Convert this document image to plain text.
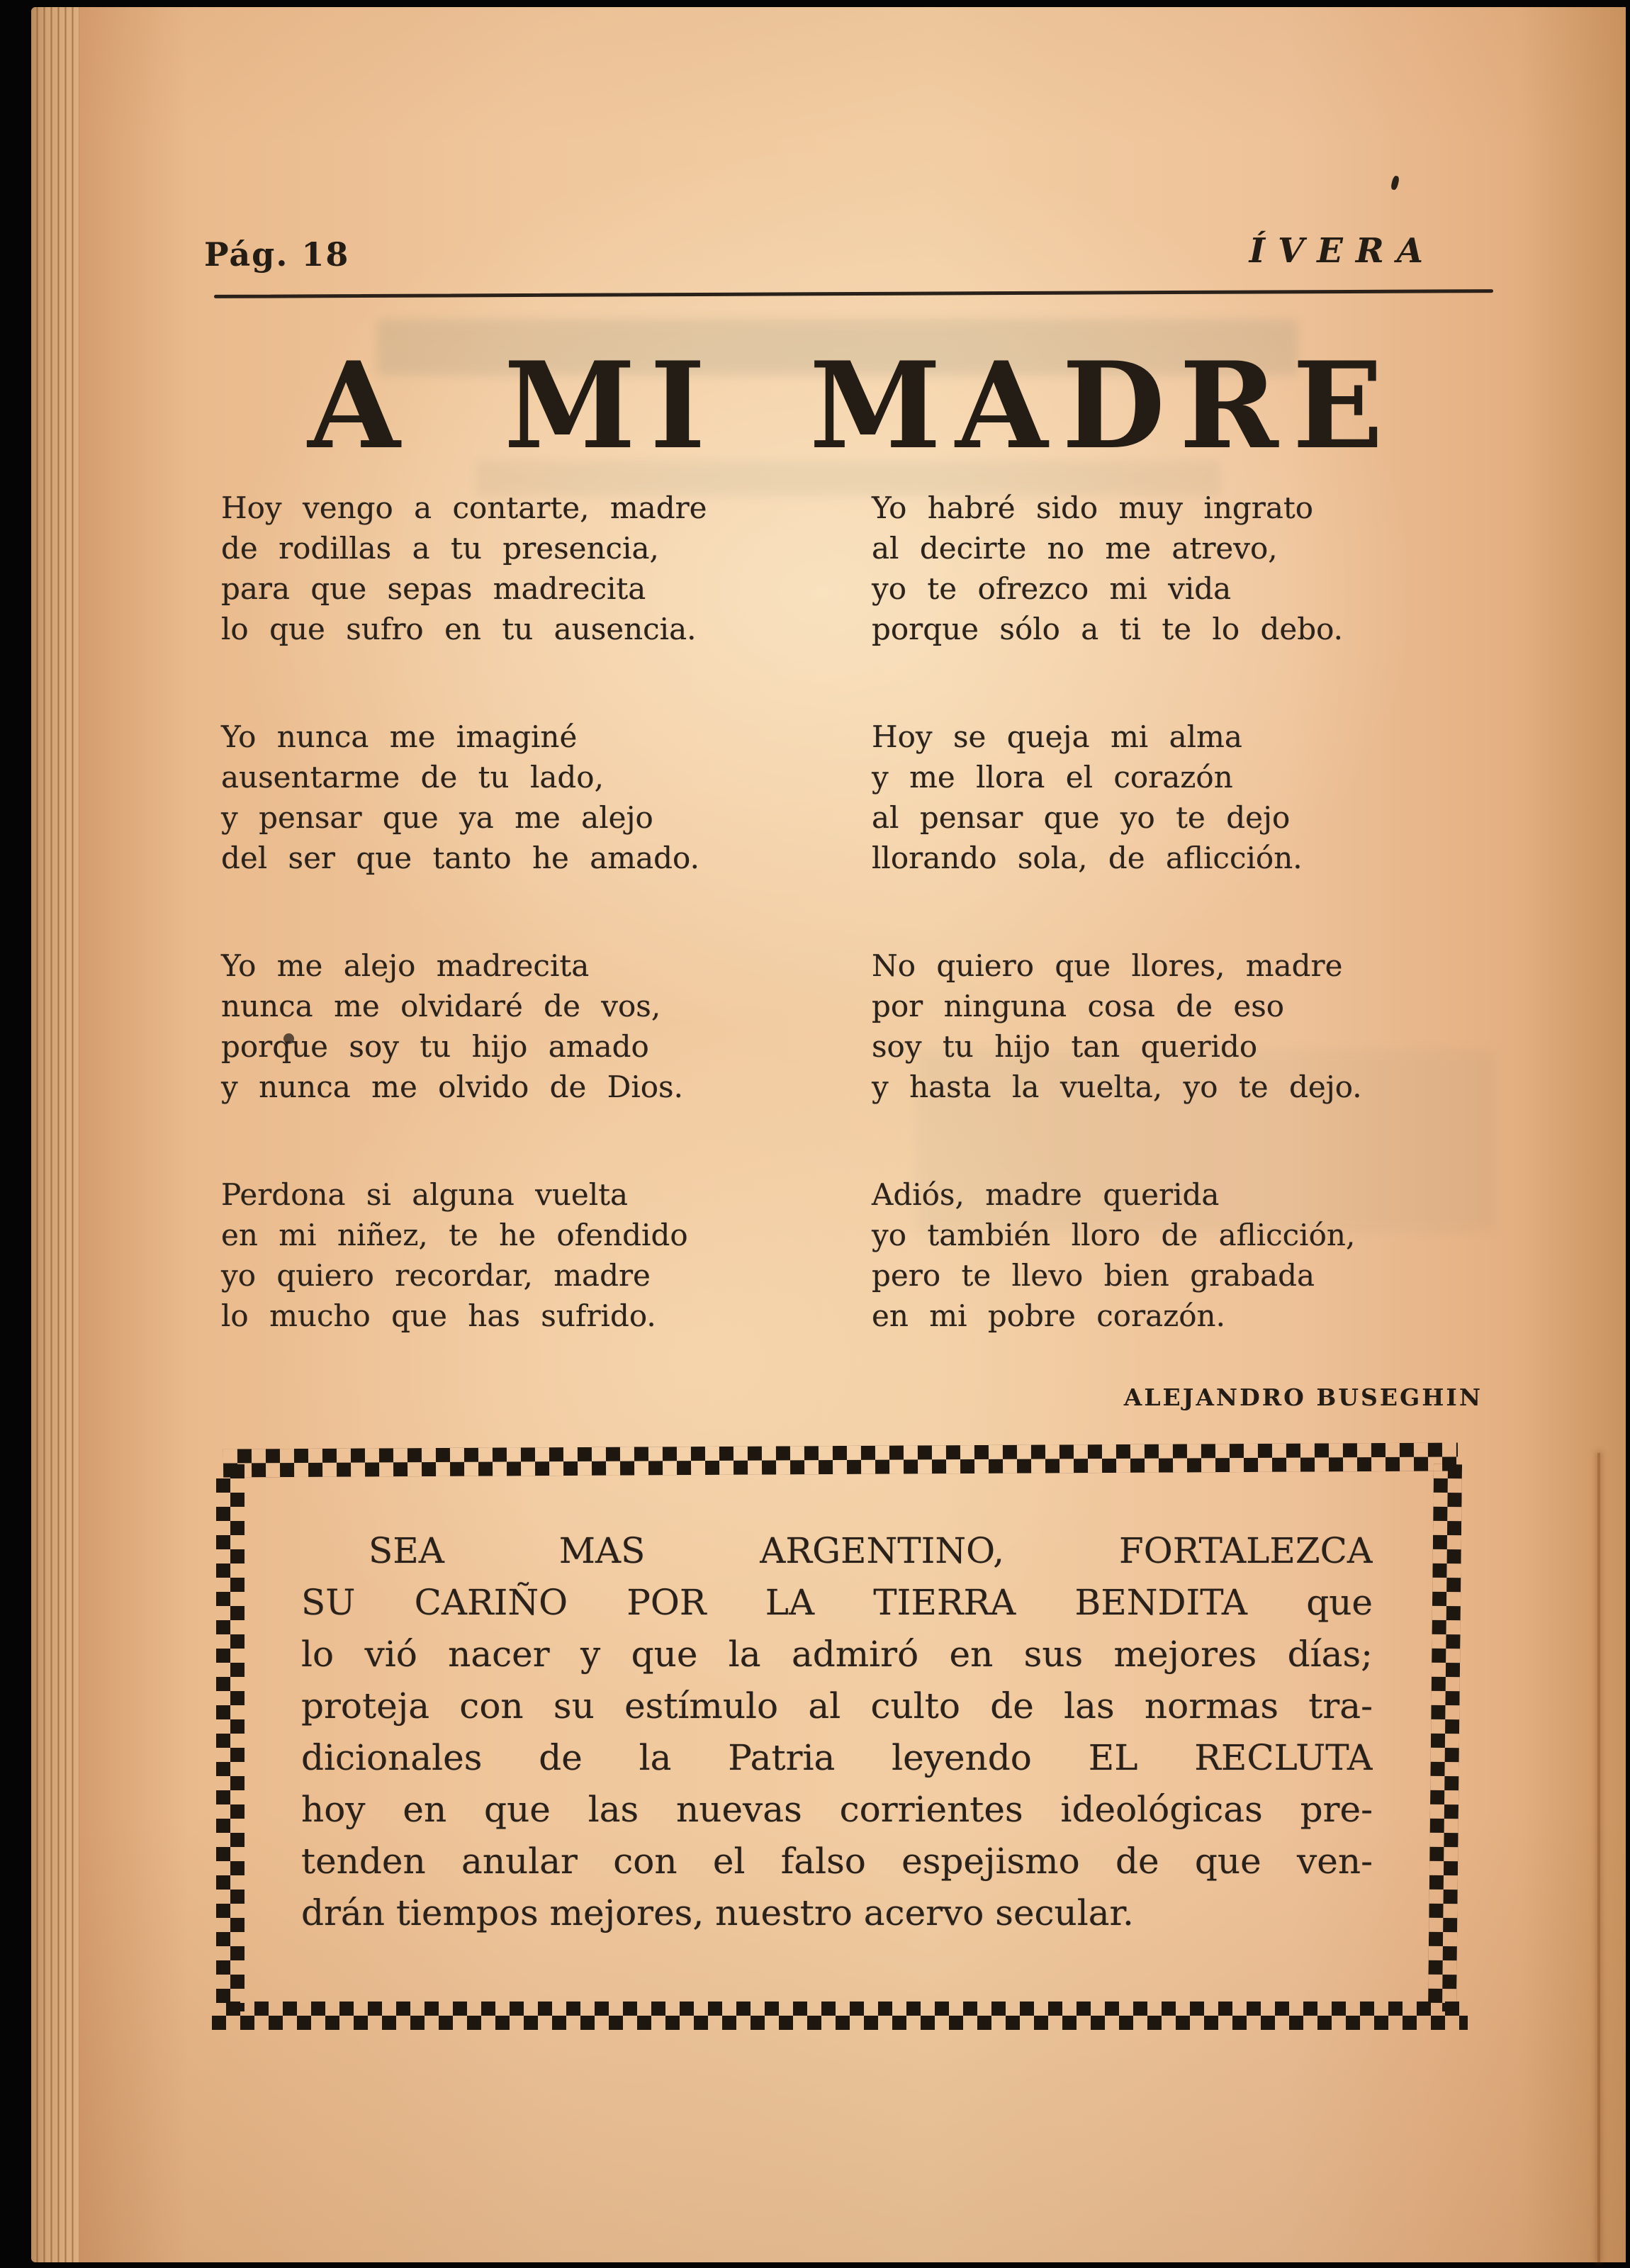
Pág. 18	ÍVERA
A MI MADRE
Hoy vengo a contarte, madre
de rodillas a tu presencia,
para que sepas madrecita
lo que sufro en tu ausencia.
Yo nunca me imaginé
ausentarme de tu lado,
y pensar que ya me alejo
del ser que tanto he amado.
Yo me alejo madrecita
nunca me olvidaré de vos,
porque soy tu hijo amado
y nunca me olvido de Dios.
Perdona si alguna vuelta
en mi niñez, te he ofendido
yo quiero recordar, madre
lo mucho que has sufrido.
Yo habré sido muy ingrato
al decirte no me atrevo,
yo te ofrezco mi vida
porque sólo a ti te lo debo.
Hoy se queja mi alma
y me llora el corazón
al pensar que yo te dejo
llorando sola, de aflicción.
No quiero que llores, madre
por ninguna cosa de eso
soy tu hijo tan querido
y hasta la vuelta, yo te dejo.
Adiós, madre querida
yo también lloro de aflicción,
pero te llevo bien grabada
en mi pobre corazón.
ALEJANDRO BUSEGHIN
SEA MAS ARGENTINO, FORTALEZCA
SU CARIÑO POR LA TIERRA BENDITA que
lo vió nacer y que la admiró en sus mejores días;
proteja con su estímulo al culto de las normas tra-
dicionales de la Patria leyendo EL RECLUTA
hoy en que las nuevas corrientes ideológicas pre-
tenden anular con el falso espejismo de que ven-
drán tiempos mejores, nuestro acervo secular.
